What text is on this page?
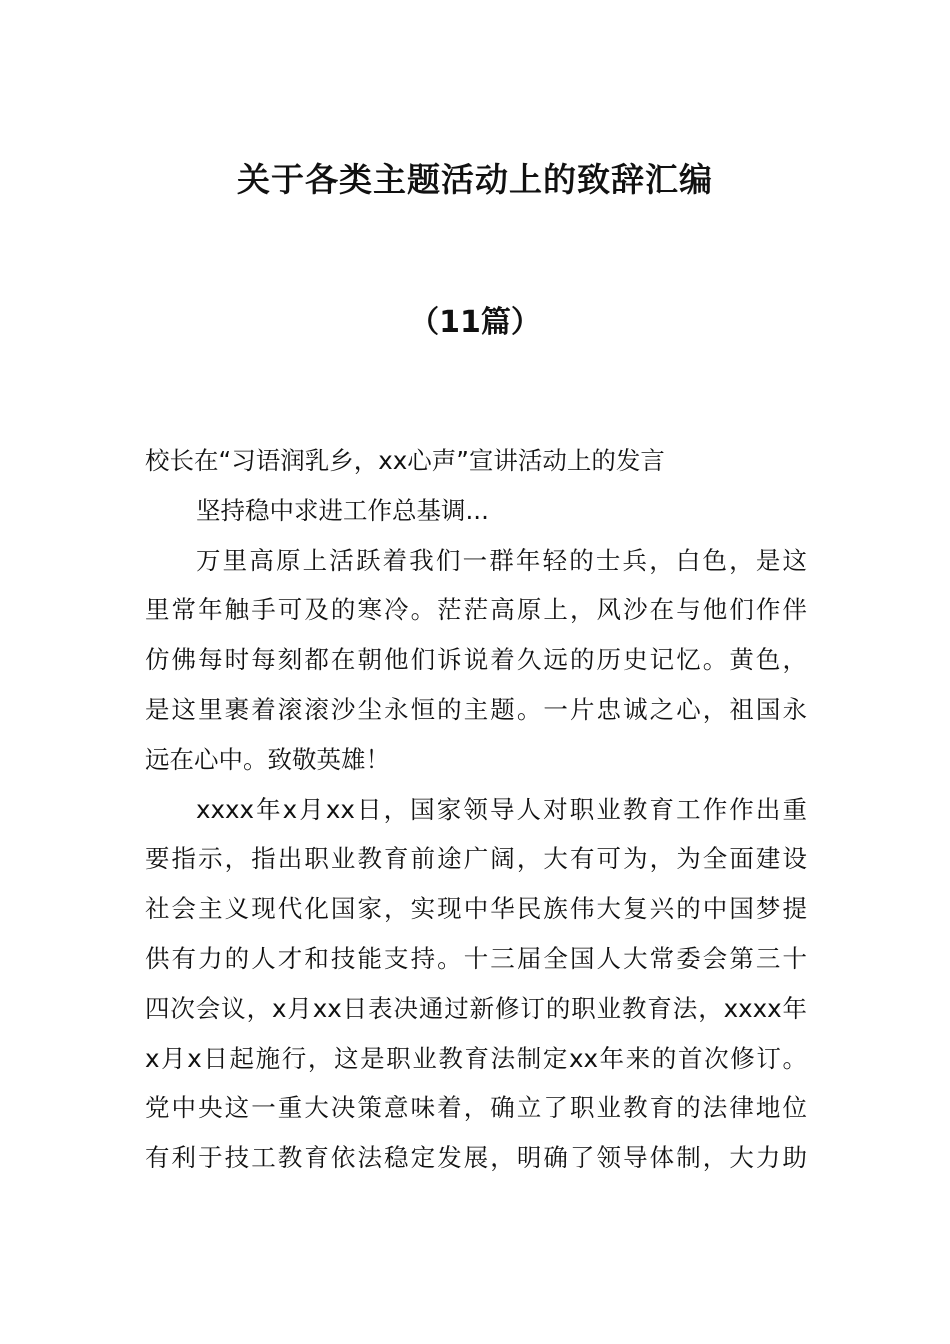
关于各类主题活动上的致辞汇编
（11篇）
校长在“习语润乳乡，xx心声”宣讲活动上的发言
坚持稳中求进工作总基调...
万里高原上活跃着我们一群年轻的士兵，白色，是这
里常年触手可及的寒冷。茫茫高原上，风沙在与他们作伴
仿佛每时每刻都在朝他们诉说着久远的历史记忆。黄色，
是这里裹着滚滚沙尘永恒的主题。一片忠诚之心，祖国永
远在心中。致敬英雄！
xxxx年x月xx日，国家领导人对职业教育工作作出重
要指示，指出职业教育前途广阔，大有可为，为全面建设
社会主义现代化国家，实现中华民族伟大复兴的中国梦提
供有力的人才和技能支持。十三届全国人大常委会第三十
四次会议，x月xx日表决通过新修订的职业教育法，xxxx年
x月x日起施行，这是职业教育法制定xx年来的首次修订。
党中央这一重大决策意味着，确立了职业教育的法律地位
有利于技工教育依法稳定发展，明确了领导体制，大力助
